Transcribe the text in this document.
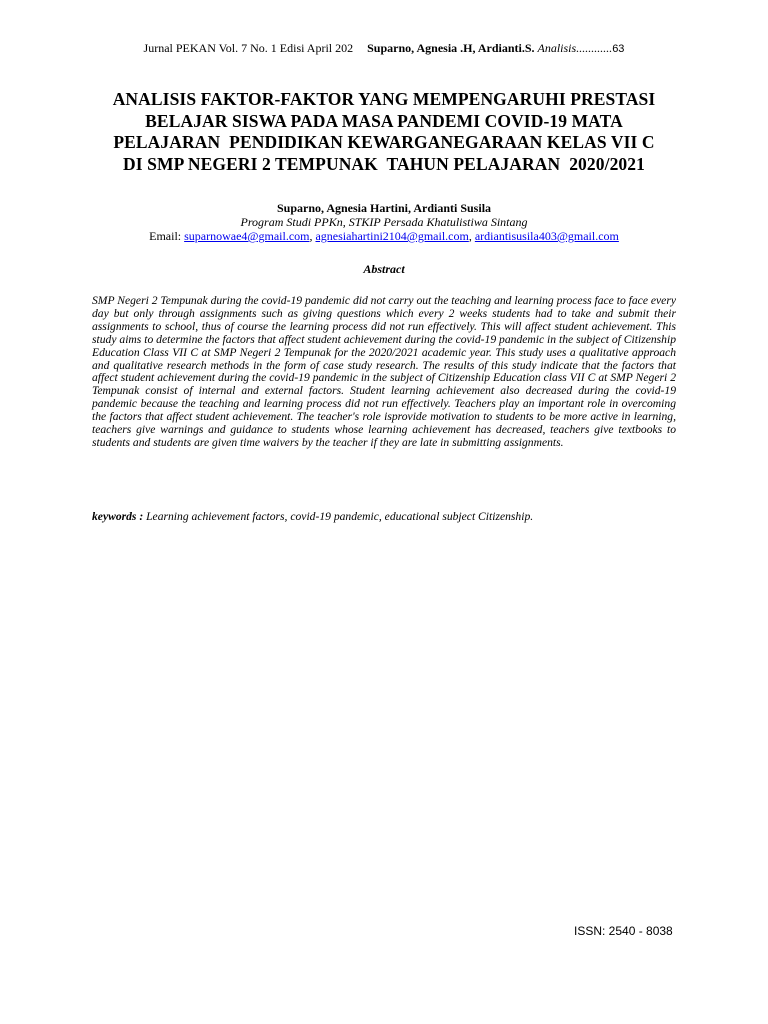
Jurnal PEKAN Vol. 7 No. 1 Edisi April 202 Suparno, Agnesia .H, Ardianti.S. Analisis............63
ANALISIS FAKTOR-FAKTOR YANG MEMPENGARUHI PRESTASI
BELAJAR SISWA PADA MASA PANDEMI COVID-19 MATA
PELAJARAN  PENDIDIKAN KEWARGANEGARAAN KELAS VII C
DI SMP NEGERI 2 TEMPUNAK  TAHUN PELAJARAN  2020/2021
Suparno, Agnesia Hartini, Ardianti Susila
Program Studi PPKn, STKIP Persada Khatulistiwa Sintang
Email: suparnowae4@gmail.com, agnesiahartini2104@gmail.com, ardiantisusila403@gmail.com
Abstract

SMP Negeri 2 Tempunak during the covid-19 pandemic did not carry out the teaching and learning process face to face every day but only through assignments such as giving questions which every 2 weeks students had to take and submit their assignments to school, thus of course the learning process did not run effectively. This will affect student achievement. This study aims to determine the factors that affect student achievement during the covid-19 pandemic in the subject of Citizenship Education Class VII C at SMP Negeri 2 Tempunak for the 2020/2021 academic year. This study uses a qualitative approach and qualitative research methods in the form of case study research. The results of this study indicate that the factors that affect student achievement during the covid-19 pandemic in the subject of Citizenship Education class VII C at SMP Negeri 2 Tempunak consist of internal and external factors. Student learning achievement also decreased during the covid-19 pandemic because the teaching and learning process did not run effectively. Teachers play an important role in overcoming the factors that affect student achievement. The teacher's role isprovide motivation to students to be more active in learning, teachers give warnings and guidance to students whose learning achievement has decreased, teachers give textbooks to students and students are given time waivers by the teacher if they are late in submitting assignments.

keywords : Learning achievement factors, covid-19 pandemic, educational subject Citizenship.

ISSN: 2540 - 8038
